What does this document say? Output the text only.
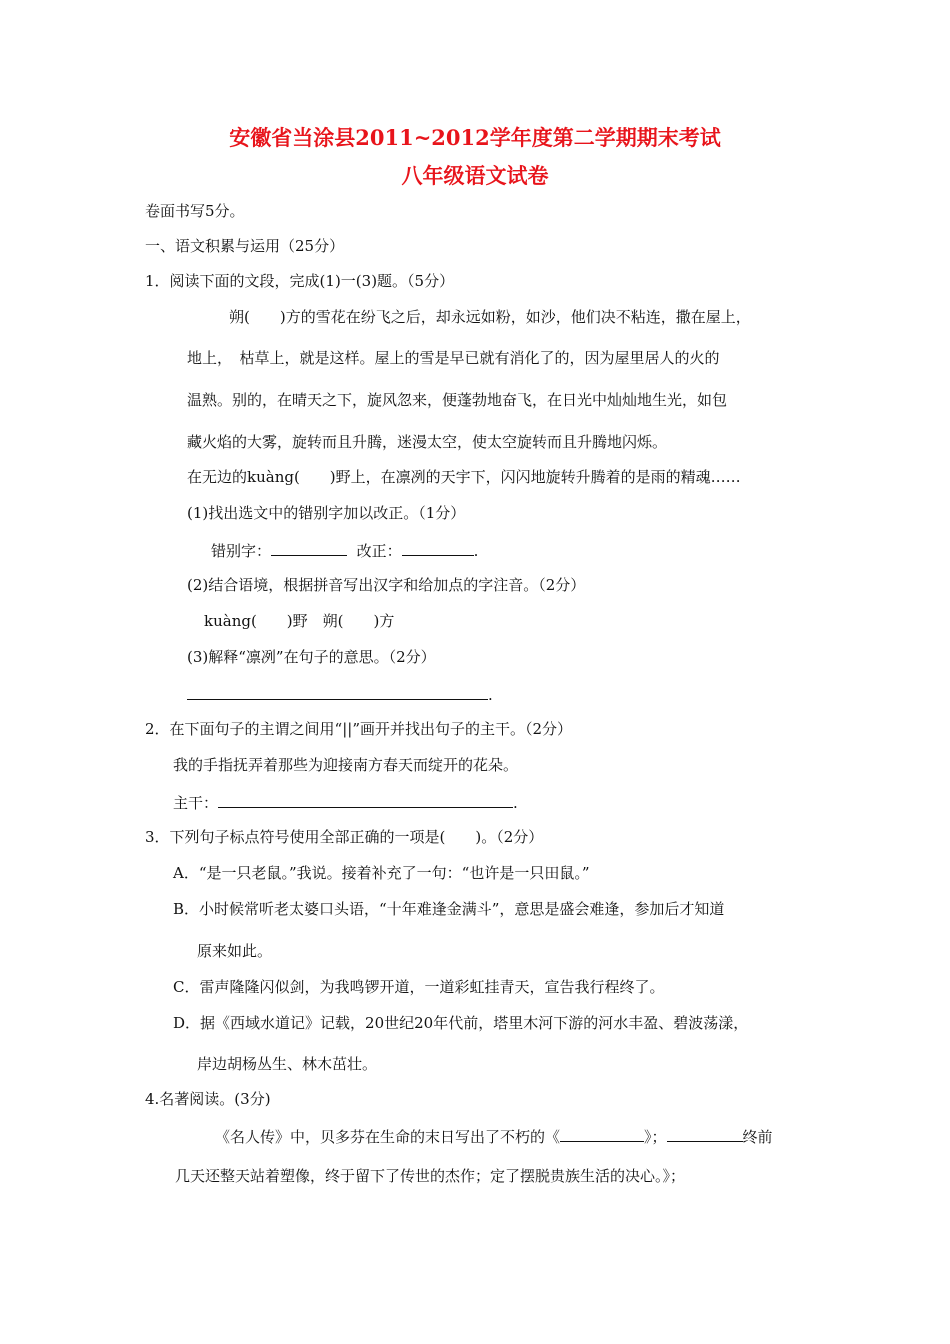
安徽省当涂县2011~2012学年度第二学期期末考试
八年级语文试卷
卷面书写5分。
一、语文积累与运用（25分）
1．阅读下面的文段，完成(1)一(3)题。（5分）
朔(　　)方的雪花在纷飞之后，却永远如粉，如沙，他们决不粘连，撒在屋上，
地上，　枯草上，就是这样。屋上的雪是早已就有消化了的，因为屋里居人的火的
温熟。别的，在晴天之下，旋风忽来，便蓬勃地奋飞，在日光中灿灿地生光，如包
藏火焰的大雾，旋转而且升腾，迷漫太空，使太空旋转而且升腾地闪烁。
在无边的kuàng(　　)野上，在凛冽的天宇下，闪闪地旋转升腾着的是雨的精魂……
(1)找出选文中的错别字加以改正。（1分）
错别字：	改正：	.
(2)结合语境，根据拼音写出汉字和给加点的字注音。（2分）
kuàng(　　)野　朔(　　)方
(3)解释“凛冽”在句子的意思。（2分）
.
2．在下面句子的主谓之间用“||”画开并找出句子的主干。（2分）
我的手指抚弄着那些为迎接南方春天而绽开的花朵。
主干：	.
3．下列句子标点符号使用全部正确的一项是(　　)。（2分）
A．“是一只老鼠。”我说。接着补充了一句：“也许是一只田鼠。”
B．小时候常听老太婆口头语，“十年难逢金满斗”，意思是盛会难逢，参加后才知道
原来如此。
C．雷声隆隆闪似剑，为我鸣锣开道，一道彩虹挂青天，宣告我行程终了。
D．据《西域水道记》记载，20世纪20年代前，塔里木河下游的河水丰盈、碧波荡漾，
岸边胡杨丛生、林木茁壮。
4.名著阅读。(3分)
《名人传》中，贝多芬在生命的末日写出了不朽的《	》；	终前
几天还整天站着塑像，终于留下了传世的杰作；定了摆脱贵族生活的决心。》；
